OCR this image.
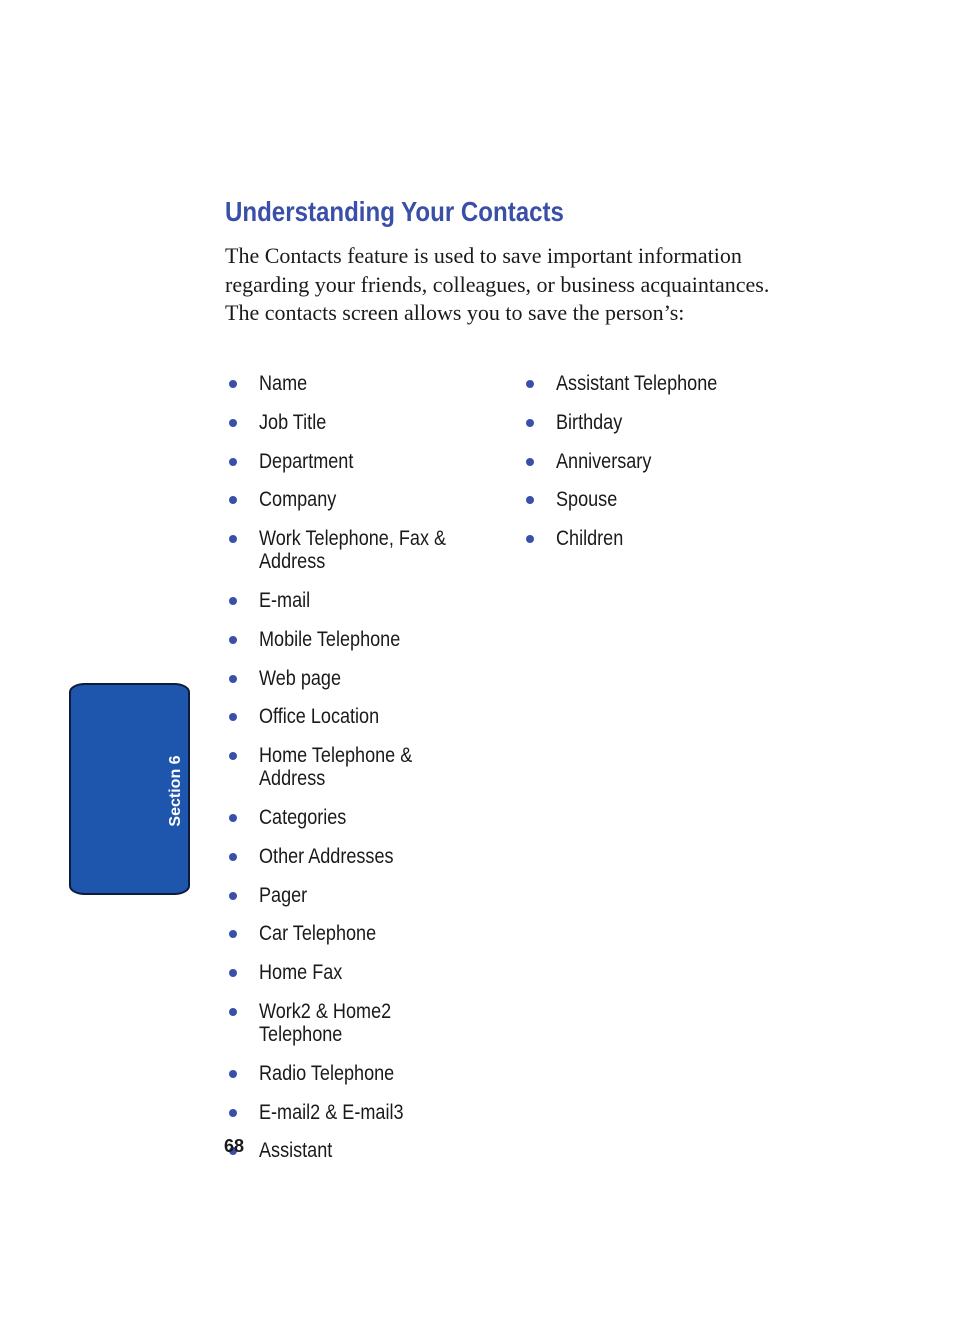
Understanding Your Contacts

The Contacts feature is used to save important information regarding your friends, colleagues, or business acquaintances. The contacts screen allows you to save the person’s:

Name
Job Title
Department
Company
Work Telephone, Fax & Address
E-mail
Mobile Telephone
Web page
Office Location
Home Telephone & Address
Categories
Other Addresses
Pager
Car Telephone
Home Fax
Work2 & Home2 Telephone
Radio Telephone
E-mail2 & E-mail3
Assistant
Assistant Telephone
Birthday
Anniversary
Spouse
Children
Section 6
68
